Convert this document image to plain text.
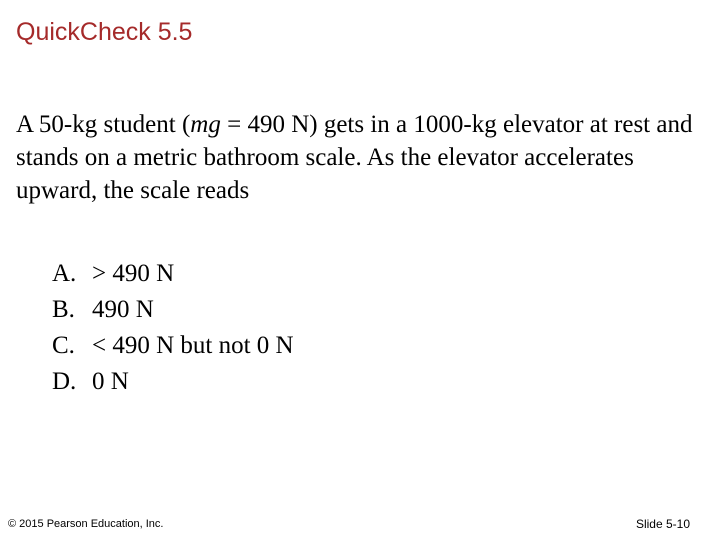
QuickCheck 5.5
A 50-kg student (mg = 490 N) gets in a 1000-kg elevator at rest and stands on a metric bathroom scale. As the elevator accelerates upward, the scale reads
A. > 490 N
B. 490 N
C. < 490 N but not 0 N
D. 0 N
© 2015 Pearson Education, Inc.	Slide 5-10
